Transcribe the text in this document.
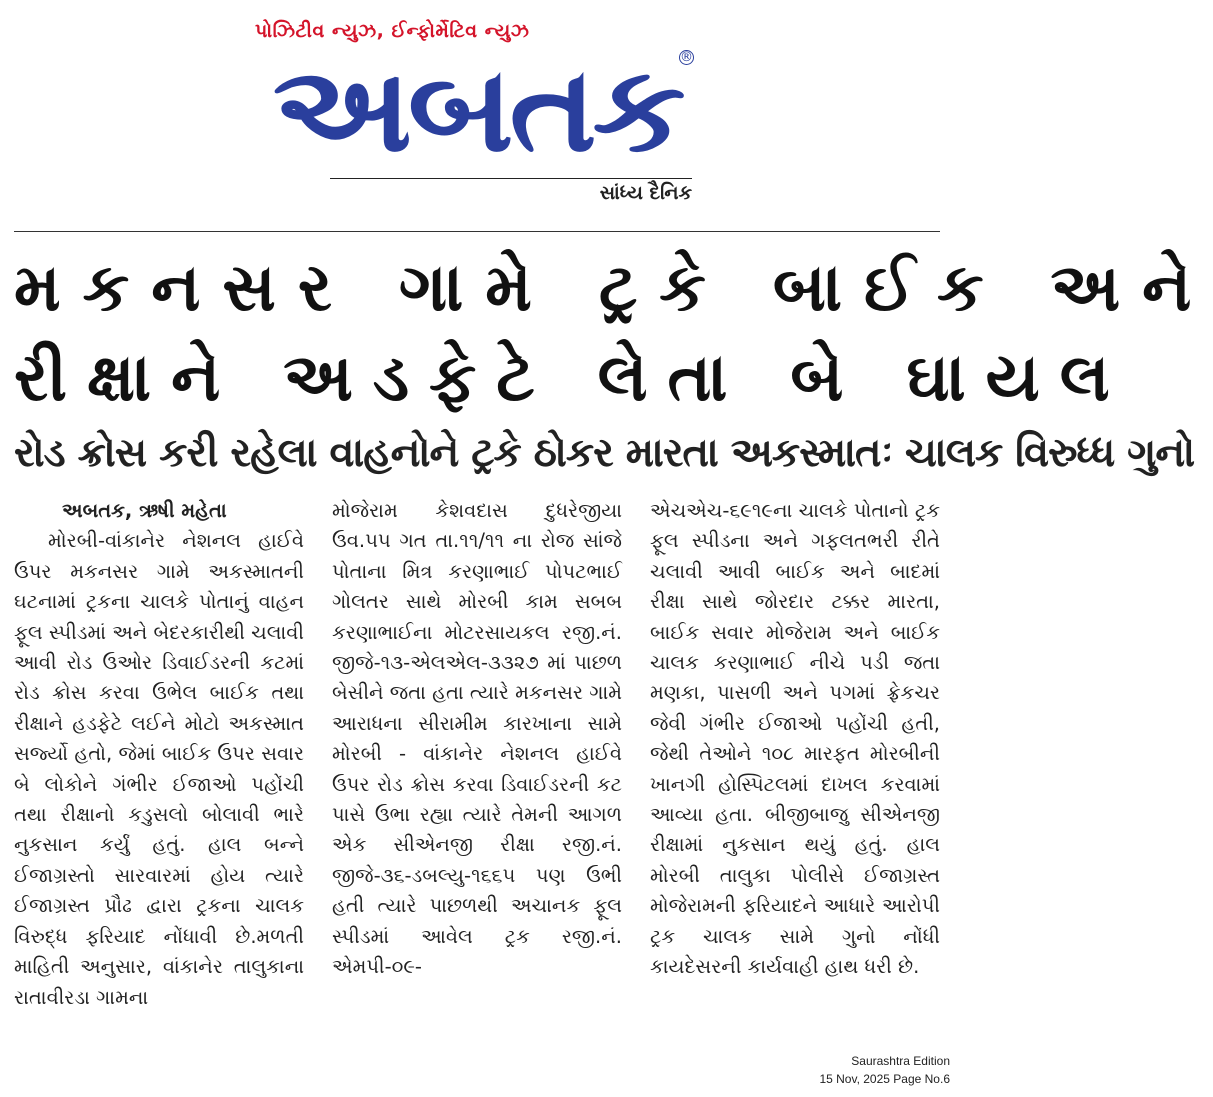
પોઝિટીવ ન્યુઝ, ઈન્ફોર્મેટિવ ન્યુઝ
અબતક
®
સાંધ્ય દૈનિક
મકનસર ગામે ટ્રકે બાઈક અને
રીક્ષાને અડફેટે લેતા બે ઘાયલ
રોડ ક્રોસ કરી રહેલા વાહનોને ટ્રકે ઠોકર મારતા અકસ્માતઃ ચાલક વિરુધ્ધ ગુનો
અબતક, ઋષી મહેતા
મોરબી-વાંકાનેર નેશનલ હાઈવે ઉપર મકનસર ગામે અકસ્માતની ઘટનામાં ટ્રકના ચાલકે પોતાનું વાહન ફૂલ સ્પીડમાં અને બેદરકારીથી ચલાવી આવી રોડ ઉઓર ડિવાઈડરની કટમાં રોડ ક્રોસ કરવા ઉભેલ બાઈક તથા રીક્ષાને હડફેટે લઈને મોટો અકસ્માત સર્જ્યો હતો, જેમાં બાઈક ઉપર સવાર બે લોકોને ગંભીર ઈજાઓ પહોંચી તથા રીક્ષાનો કડુસલો બોલાવી ભારે નુકસાન કર્યું હતું. હાલ બન્ને ઈજાગ્રસ્તો સારવારમાં હોય ત્યારે ઈજાગ્રસ્ત પ્રૌઢ દ્વારા ટ્રકના ચાલક વિરુદ્ધ ફરિયાદ નોંધાવી છે.મળતી માહિતી અનુસાર, વાંકાનેર તાલુકાના રાતાવીરડા ગામના
મોજેરામ કેશવદાસ દુધરેજીયા ઉવ.૫૫ ગત તા.૧૧/૧૧ ના રોજ સાંજે પોતાના મિત્ર કરણાભાઈ પોપટભાઈ ગોલતર સાથે મોરબી કામ સબબ કરણાભાઈના મોટરસાયકલ રજી.નં. જીજે-૧૩-એલએલ-૩૩૨૭ માં પાછળ બેસીને જતા હતા ત્યારે મકનસર ગામે આરાધના સીરામીમ કારખાના સામે મોરબી - વાંકાનેર નેશનલ હાઈવે ઉપર રોડ ક્રોસ કરવા ડિવાઈડરની કટ પાસે ઉભા રહ્યા ત્યારે તેમની આગળ એક સીએનજી રીક્ષા રજી.નં. જીજે-૩૬-ડબલ્યુ-૧૬૬૫ પણ ઉભી હતી ત્યારે પાછળથી અચાનક ફૂલ સ્પીડમાં આવેલ ટ્રક રજી.નં. એમપી-૦૯-
એચએચ-૬૯૧૯ના ચાલકે પોતાનો ટ્રક ફૂલ સ્પીડના અને ગફલતભરી રીતે ચલાવી આવી બાઈક અને બાદમાં રીક્ષા સાથે જોરદાર ટક્કર મારતા, બાઈક સવાર મોજેરામ અને બાઈક ચાલક કરણાભાઈ નીચે પડી જતા મણકા, પાસળી અને પગમાં ફ્રેકચર જેવી ગંભીર ઈજાઓ પહોંચી હતી, જેથી તેઓને ૧૦૮ મારફત મોરબીની ખાનગી હોસ્પિટલમાં દાખલ કરવામાં આવ્યા હતા. બીજીબાજુ સીએનજી રીક્ષામાં નુકસાન થયું હતું. હાલ મોરબી તાલુકા પોલીસે ઈજાગ્રસ્ત મોજેરામની ફરિયાદને આધારે આરોપી ટ્રક ચાલક સામે ગુનો નોંધી કાયદેસરની કાર્યવાહી હાથ ધરી છે.
Saurashtra Edition
15 Nov, 2025 Page No.6
